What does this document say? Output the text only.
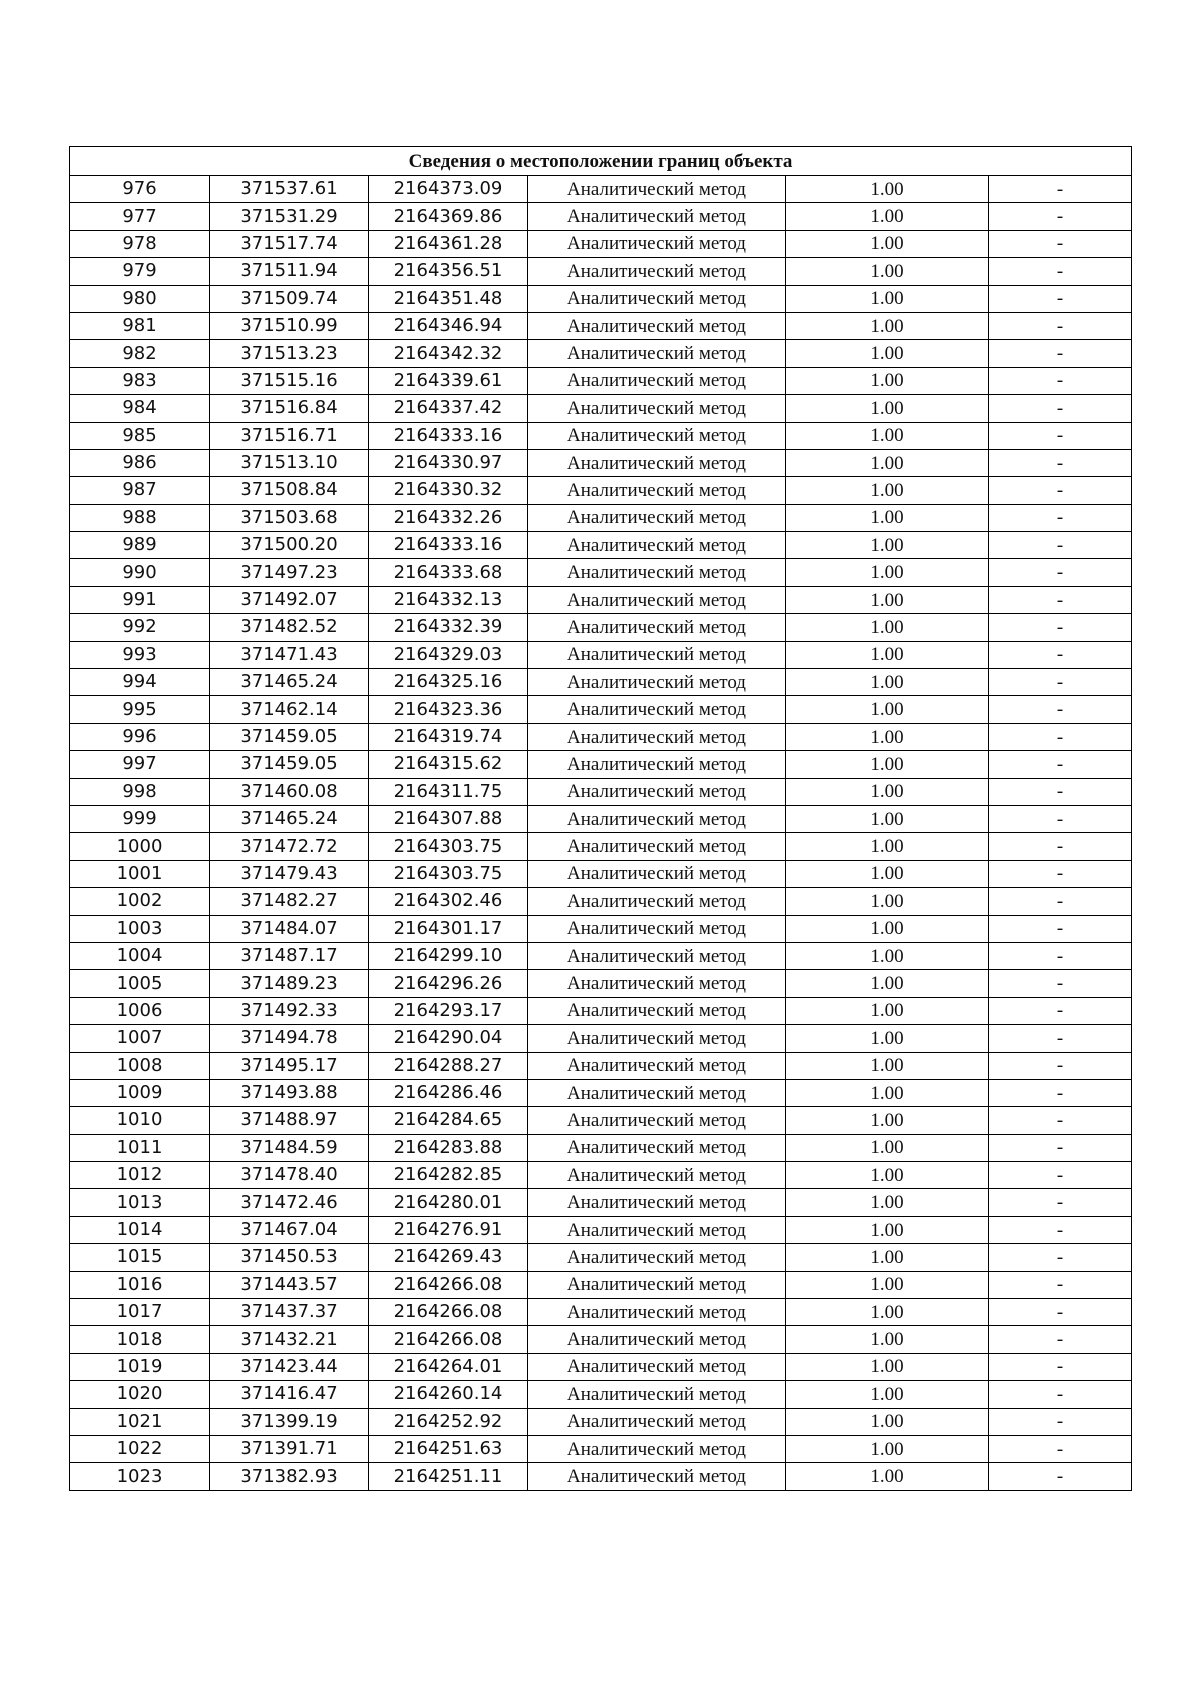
Сведения о местоположении границ объекта					
976	371537.61	2164373.09	Аналитический метод	1.00	-
977	371531.29	2164369.86	Аналитический метод	1.00	-
978	371517.74	2164361.28	Аналитический метод	1.00	-
979	371511.94	2164356.51	Аналитический метод	1.00	-
980	371509.74	2164351.48	Аналитический метод	1.00	-
981	371510.99	2164346.94	Аналитический метод	1.00	-
982	371513.23	2164342.32	Аналитический метод	1.00	-
983	371515.16	2164339.61	Аналитический метод	1.00	-
984	371516.84	2164337.42	Аналитический метод	1.00	-
985	371516.71	2164333.16	Аналитический метод	1.00	-
986	371513.10	2164330.97	Аналитический метод	1.00	-
987	371508.84	2164330.32	Аналитический метод	1.00	-
988	371503.68	2164332.26	Аналитический метод	1.00	-
989	371500.20	2164333.16	Аналитический метод	1.00	-
990	371497.23	2164333.68	Аналитический метод	1.00	-
991	371492.07	2164332.13	Аналитический метод	1.00	-
992	371482.52	2164332.39	Аналитический метод	1.00	-
993	371471.43	2164329.03	Аналитический метод	1.00	-
994	371465.24	2164325.16	Аналитический метод	1.00	-
995	371462.14	2164323.36	Аналитический метод	1.00	-
996	371459.05	2164319.74	Аналитический метод	1.00	-
997	371459.05	2164315.62	Аналитический метод	1.00	-
998	371460.08	2164311.75	Аналитический метод	1.00	-
999	371465.24	2164307.88	Аналитический метод	1.00	-
1000	371472.72	2164303.75	Аналитический метод	1.00	-
1001	371479.43	2164303.75	Аналитический метод	1.00	-
1002	371482.27	2164302.46	Аналитический метод	1.00	-
1003	371484.07	2164301.17	Аналитический метод	1.00	-
1004	371487.17	2164299.10	Аналитический метод	1.00	-
1005	371489.23	2164296.26	Аналитический метод	1.00	-
1006	371492.33	2164293.17	Аналитический метод	1.00	-
1007	371494.78	2164290.04	Аналитический метод	1.00	-
1008	371495.17	2164288.27	Аналитический метод	1.00	-
1009	371493.88	2164286.46	Аналитический метод	1.00	-
1010	371488.97	2164284.65	Аналитический метод	1.00	-
1011	371484.59	2164283.88	Аналитический метод	1.00	-
1012	371478.40	2164282.85	Аналитический метод	1.00	-
1013	371472.46	2164280.01	Аналитический метод	1.00	-
1014	371467.04	2164276.91	Аналитический метод	1.00	-
1015	371450.53	2164269.43	Аналитический метод	1.00	-
1016	371443.57	2164266.08	Аналитический метод	1.00	-
1017	371437.37	2164266.08	Аналитический метод	1.00	-
1018	371432.21	2164266.08	Аналитический метод	1.00	-
1019	371423.44	2164264.01	Аналитический метод	1.00	-
1020	371416.47	2164260.14	Аналитический метод	1.00	-
1021	371399.19	2164252.92	Аналитический метод	1.00	-
1022	371391.71	2164251.63	Аналитический метод	1.00	-
1023	371382.93	2164251.11	Аналитический метод	1.00	-
